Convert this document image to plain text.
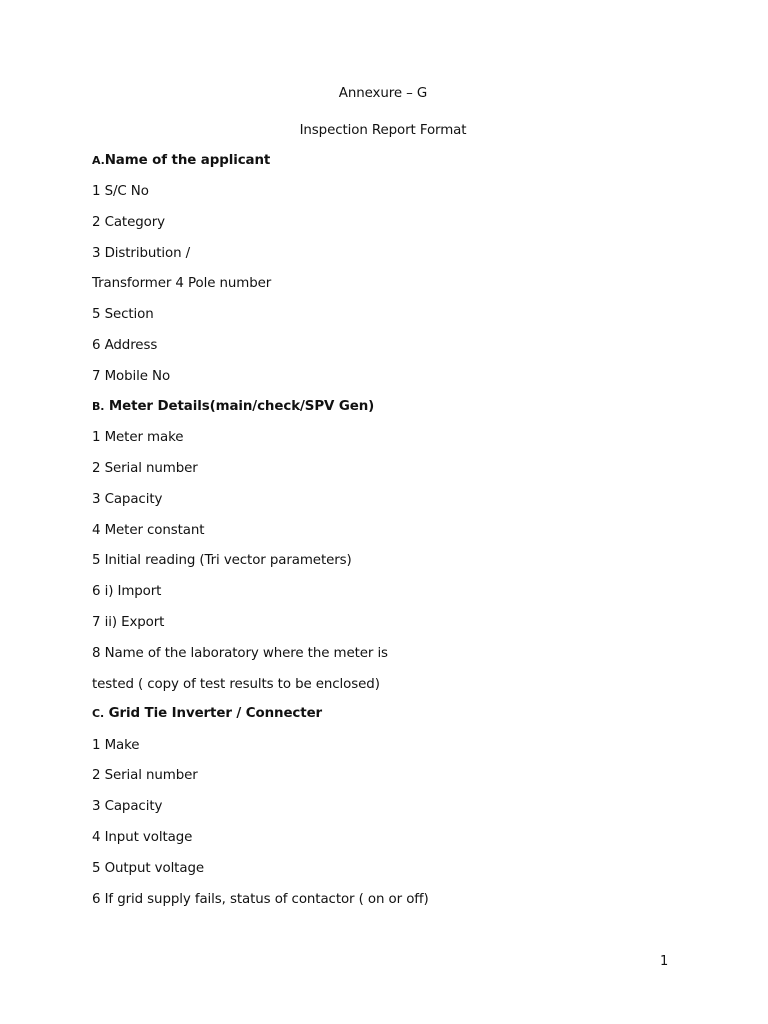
Annexure – G
Inspection Report Format
A.Name of the applicant
1 S/C No
2 Category
3 Distribution /
Transformer 4 Pole number
5 Section
6 Address
7 Mobile No
B. Meter Details(main/check/SPV Gen)
1 Meter make
2 Serial number
3 Capacity
4 Meter constant
5 Initial reading (Tri vector parameters)
6 i) Import
7 ii) Export
8 Name of the laboratory where the meter is
tested ( copy of test results to be enclosed)
C. Grid Tie Inverter / Connecter
1 Make
2 Serial number
3 Capacity
4 Input voltage
5 Output voltage
6 If grid supply fails, status of contactor ( on or off)
1
